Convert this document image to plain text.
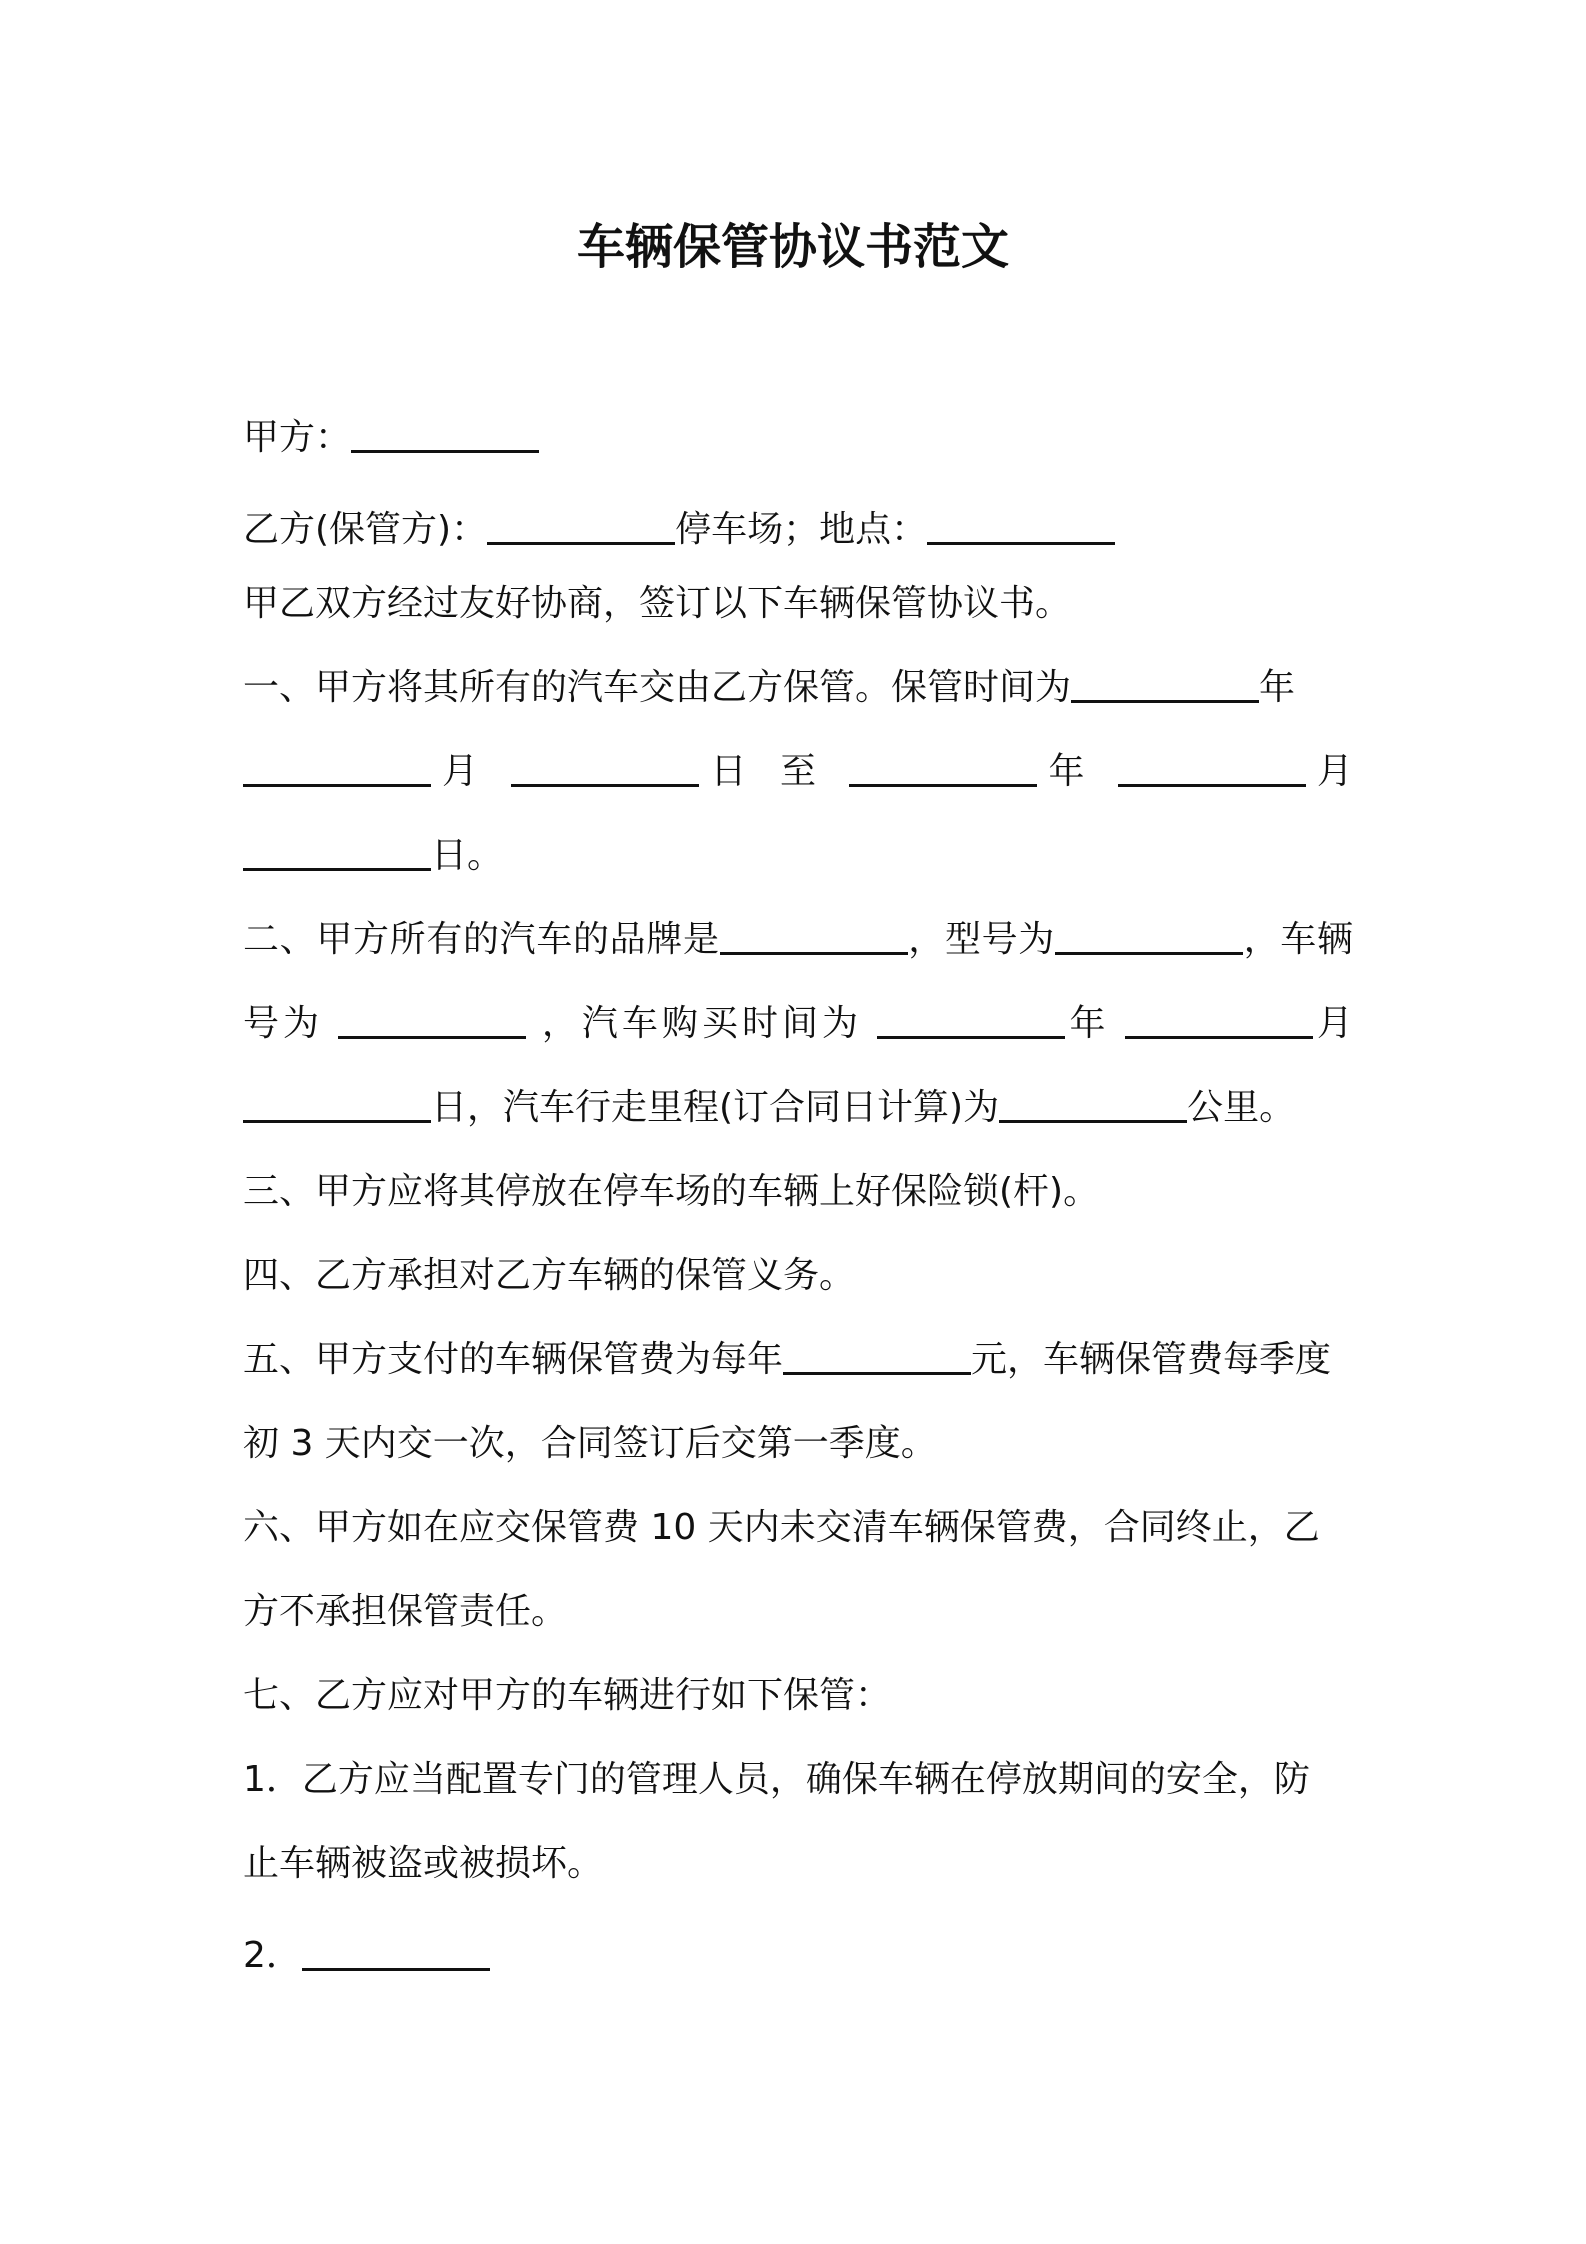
车辆保管协议书范文
甲方：
乙方(保管方)：	停车场；地点：
甲乙双方经过友好协商，签订以下车辆保管协议书。
一、甲方将其所有的汽车交由乙方保管。保管时间为	年
月	日 至	年	月
日。
二、甲方所有的汽车的品牌是	，型号为	，车辆
号为	，汽车购买时间为	年	月
日，汽车行走里程(订合同日计算)为	公里。
三、甲方应将其停放在停车场的车辆上好保险锁(杆)。
四、乙方承担对乙方车辆的保管义务。
五、甲方支付的车辆保管费为每年	元，车辆保管费每季度
初 3 天内交一次，合同签订后交第一季度。
六、甲方如在应交保管费 10 天内未交清车辆保管费，合同终止，乙
方不承担保管责任。
七、乙方应对甲方的车辆进行如下保管：
1．乙方应当配置专门的管理人员，确保车辆在停放期间的安全，防
止车辆被盗或被损坏。
2．
